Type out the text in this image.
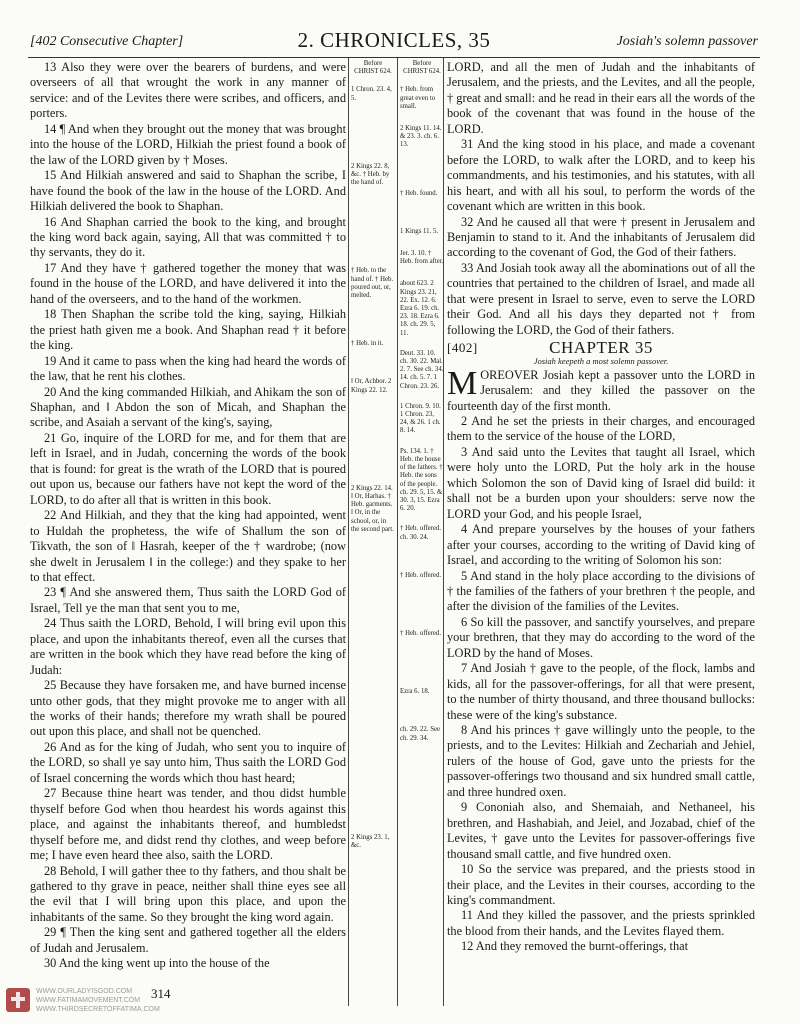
[402 Consecutive Chapter]	2. CHRONICLES, 35	Josiah's solemn passover

13 Also they were over the bearers of burdens, and were overseers of all that wrought the work in any manner of service: and of the Levites there were scribes, and officers, and porters.

14 ¶ And when they brought out the money that was brought into the house of the LORD, Hilkiah the priest found a book of the law of the LORD given by † Moses.

15 And Hilkiah answered and said to Shaphan the scribe, I have found the book of the law in the house of the LORD. And Hilkiah delivered the book to Shaphan.

16 And Shaphan carried the book to the king, and brought the king word back again, saying, All that was committed † to thy servants, they do it.

17 And they have † gathered together the money that was found in the house of the LORD, and have delivered it into the hand of the overseers, and to the hand of the workmen.

18 Then Shaphan the scribe told the king, saying, Hilkiah the priest hath given me a book. And Shaphan read † it before the king.

19 And it came to pass when the king had heard the words of the law, that he rent his clothes.

20 And the king commanded Hilkiah, and Ahikam the son of Shaphan, and ‖ Abdon the son of Micah, and Shaphan the scribe, and Asaiah a servant of the king's, saying,

21 Go, inquire of the LORD for me, and for them that are left in Israel, and in Judah, concerning the words of the book that is found: for great is the wrath of the LORD that is poured out upon us, because our fathers have not kept the word of the LORD, to do after all that is written in this book.

22 And Hilkiah, and they that the king had appointed, went to Huldah the prophetess, the wife of Shallum the son of Tikvath, the son of ‖ Hasrah, keeper of the † wardrobe; (now she dwelt in Jerusalem ‖ in the college:) and they spake to her to that effect.

23 ¶ And she answered them, Thus saith the LORD God of Israel, Tell ye the man that sent you to me,

24 Thus saith the LORD, Behold, I will bring evil upon this place, and upon the inhabitants thereof, even all the curses that are written in the book which they have read before the king of Judah:

25 Because they have forsaken me, and have burned incense unto other gods, that they might provoke me to anger with all the works of their hands; therefore my wrath shall be poured out upon this place, and shall not be quenched.

26 And as for the king of Judah, who sent you to inquire of the LORD, so shall ye say unto him, Thus saith the LORD God of Israel concerning the words which thou hast heard;

27 Because thine heart was tender, and thou didst humble thyself before God when thou heardest his words against this place, and against the inhabitants thereof, and humbledst thyself before me, and didst rend thy clothes, and weep before me; I have even heard thee also, saith the LORD.

28 Behold, I will gather thee to thy fathers, and thou shalt be gathered to thy grave in peace, neither shall thine eyes see all the evil that I will bring upon this place, and upon the inhabitants of the same. So they brought the king word again.

29 ¶ Then the king sent and gathered together all the elders of Judah and Jerusalem.

30 And the king went up into the house of the

Before CHRIST 624.

1 Chron. 23. 4, 5.

2 Kings 22. 8, &c. † Heb. by the hand of.

† Heb. to the hand of. † Heb. poured out, or, melted.

† Heb. in it.

‖ Or, Achbor. 2 Kings 22. 12.

2 Kings 22. 14. ‖ Or, Harhas. † Heb. garments. ‖ Or, in the school, or, in the second part.

2 Kings 23. 1, &c.

Before CHRIST 624.

† Heb. from great even to small.

2 Kings 11. 14. & 23. 3. ch. 6. 13.

† Heb. found.

1 Kings 11. 5.

Jer. 3. 10. † Heb. from after.

about 623. 2 Kings 23. 21, 22. Ex. 12. 6. Ezra 6. 19. ch. 23. 18. Ezra 6. 18. ch. 29. 5, 11.

Deut. 33. 10. ch. 30. 22. Mal. 2. 7. See ch. 34. 14. ch. 5. 7. 1 Chron. 23. 26.

1 Chron. 9. 10. 1 Chron. 23, 24, & 26. 1 ch. 8. 14.

Ps. 134. 1. † Heb. the house of the fathers. † Heb. the sons of the people. ch. 29. 5, 15. & 30. 3, 15. Ezra 6. 20.

† Heb. offered. ch. 30. 24.

† Heb. offered.

† Heb. offered.

Ezra 6. 18.

ch. 29. 22. See ch. 29. 34.

LORD, and all the men of Judah and the inhabitants of Jerusalem, and the priests, and the Levites, and all the people, † great and small: and he read in their ears all the words of the book of the covenant that was found in the house of the LORD.

31 And the king stood in his place, and made a covenant before the LORD, to walk after the LORD, and to keep his commandments, and his testimonies, and his statutes, with all his heart, and with all his soul, to perform the words of the covenant which are written in this book.

32 And he caused all that were † present in Jerusalem and Benjamin to stand to it. And the inhabitants of Jerusalem did according to the covenant of God, the God of their fathers.

33 And Josiah took away all the abominations out of all the countries that pertained to the children of Israel, and made all that were present in Israel to serve, even to serve the LORD their God. And all his days they departed not † from following the LORD, the God of their fathers.

[402]	CHAPTER 35
Josiah keepeth a most solemn passover.

M OREOVER Josiah kept a passover unto the LORD in Jerusalem: and they killed the passover on the fourteenth day of the first month.

2 And he set the priests in their charges, and encouraged them to the service of the house of the LORD,

3 And said unto the Levites that taught all Israel, which were holy unto the LORD, Put the holy ark in the house which Solomon the son of David king of Israel did build: it shall not be a burden upon your shoulders: serve now the LORD your God, and his people Israel,

4 And prepare yourselves by the houses of your fathers after your courses, according to the writing of David king of Israel, and according to the writing of Solomon his son:

5 And stand in the holy place according to the divisions of † the families of the fathers of your brethren † the people, and after the division of the families of the Levites.

6 So kill the passover, and sanctify yourselves, and prepare your brethren, that they may do according to the word of the LORD by the hand of Moses.

7 And Josiah † gave to the people, of the flock, lambs and kids, all for the passover-offerings, for all that were present, to the number of thirty thousand, and three thousand bullocks: these were of the king's substance.

8 And his princes † gave willingly unto the people, to the priests, and to the Levites: Hilkiah and Zechariah and Jehiel, rulers of the house of God, gave unto the priests for the passover-offerings two thousand and six hundred small cattle, and three hundred oxen.

9 Cononiah also, and Shemaiah, and Nethaneel, his brethren, and Hashabiah, and Jeiel, and Jozabad, chief of the Levites, † gave unto the Levites for passover-offerings five thousand small cattle, and five hundred oxen.

10 So the service was prepared, and the priests stood in their place, and the Levites in their courses, according to the king's commandment.

11 And they killed the passover, and the priests sprinkled the blood from their hands, and the Levites flayed them.

12 And they removed the burnt-offerings, that

WWW.OURLADYISGOD.COM
WWW.FATIMAMOVEMENT.COM
WWW.THIRDSECRETOFFATIMA.COM
314
